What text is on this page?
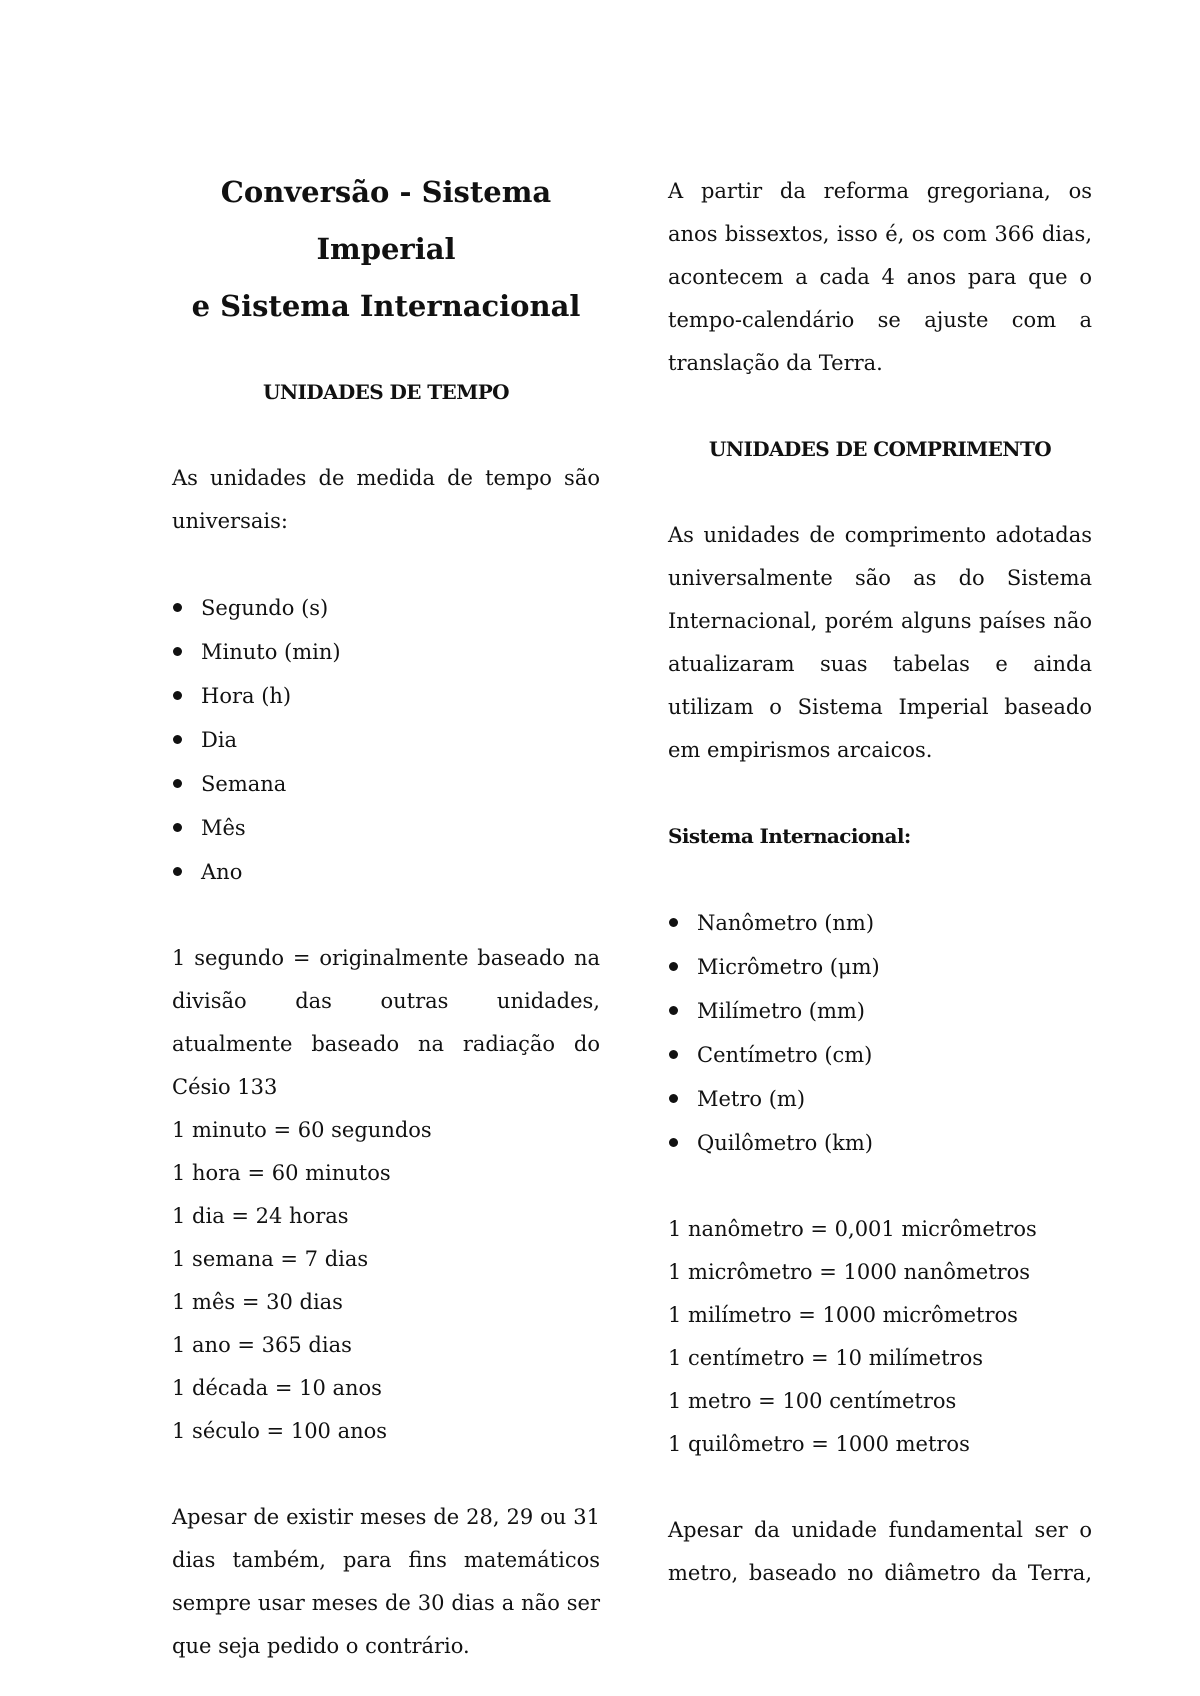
Conversão - Sistema Imperial
e Sistema Internacional
UNIDADES DE TEMPO

As unidades de medida de tempo são universais:

Segundo (s)
Minuto (min)
Hora (h)
Dia
Semana
Mês
Ano

1 segundo = originalmente baseado na divisão das outras unidades, atualmente baseado na radiação do Césio 133

1 minuto = 60 segundos
1 hora = 60 minutos
1 dia = 24 horas
1 semana = 7 dias
1 mês = 30 dias
1 ano = 365 dias
1 década = 10 anos
1 século = 100 anos

Apesar de existir meses de 28, 29 ou 31 dias também, para fins matemáticos sempre usar meses de 30 dias a não ser que seja pedido o contrário.

A partir da reforma gregoriana, os anos bissextos, isso é, os com 366 dias, acontecem a cada 4 anos para que o tempo-calendário se ajuste com a translação da Terra.

UNIDADES DE COMPRIMENTO

As unidades de comprimento adotadas universalmente são as do Sistema Internacional, porém alguns países não atualizaram suas tabelas e ainda utilizam o Sistema Imperial baseado em empirismos arcaicos.

Sistema Internacional:
Nanômetro (nm)
Micrômetro (μm)
Milímetro (mm)
Centímetro (cm)
Metro (m)
Quilômetro (km)
1 nanômetro = 0,001 micrômetros
1 micrômetro = 1000 nanômetros
1 milímetro = 1000 micrômetros
1 centímetro = 10 milímetros
1 metro = 100 centímetros
1 quilômetro = 1000 metros

Apesar da unidade fundamental ser o metro, baseado no diâmetro da Terra,
